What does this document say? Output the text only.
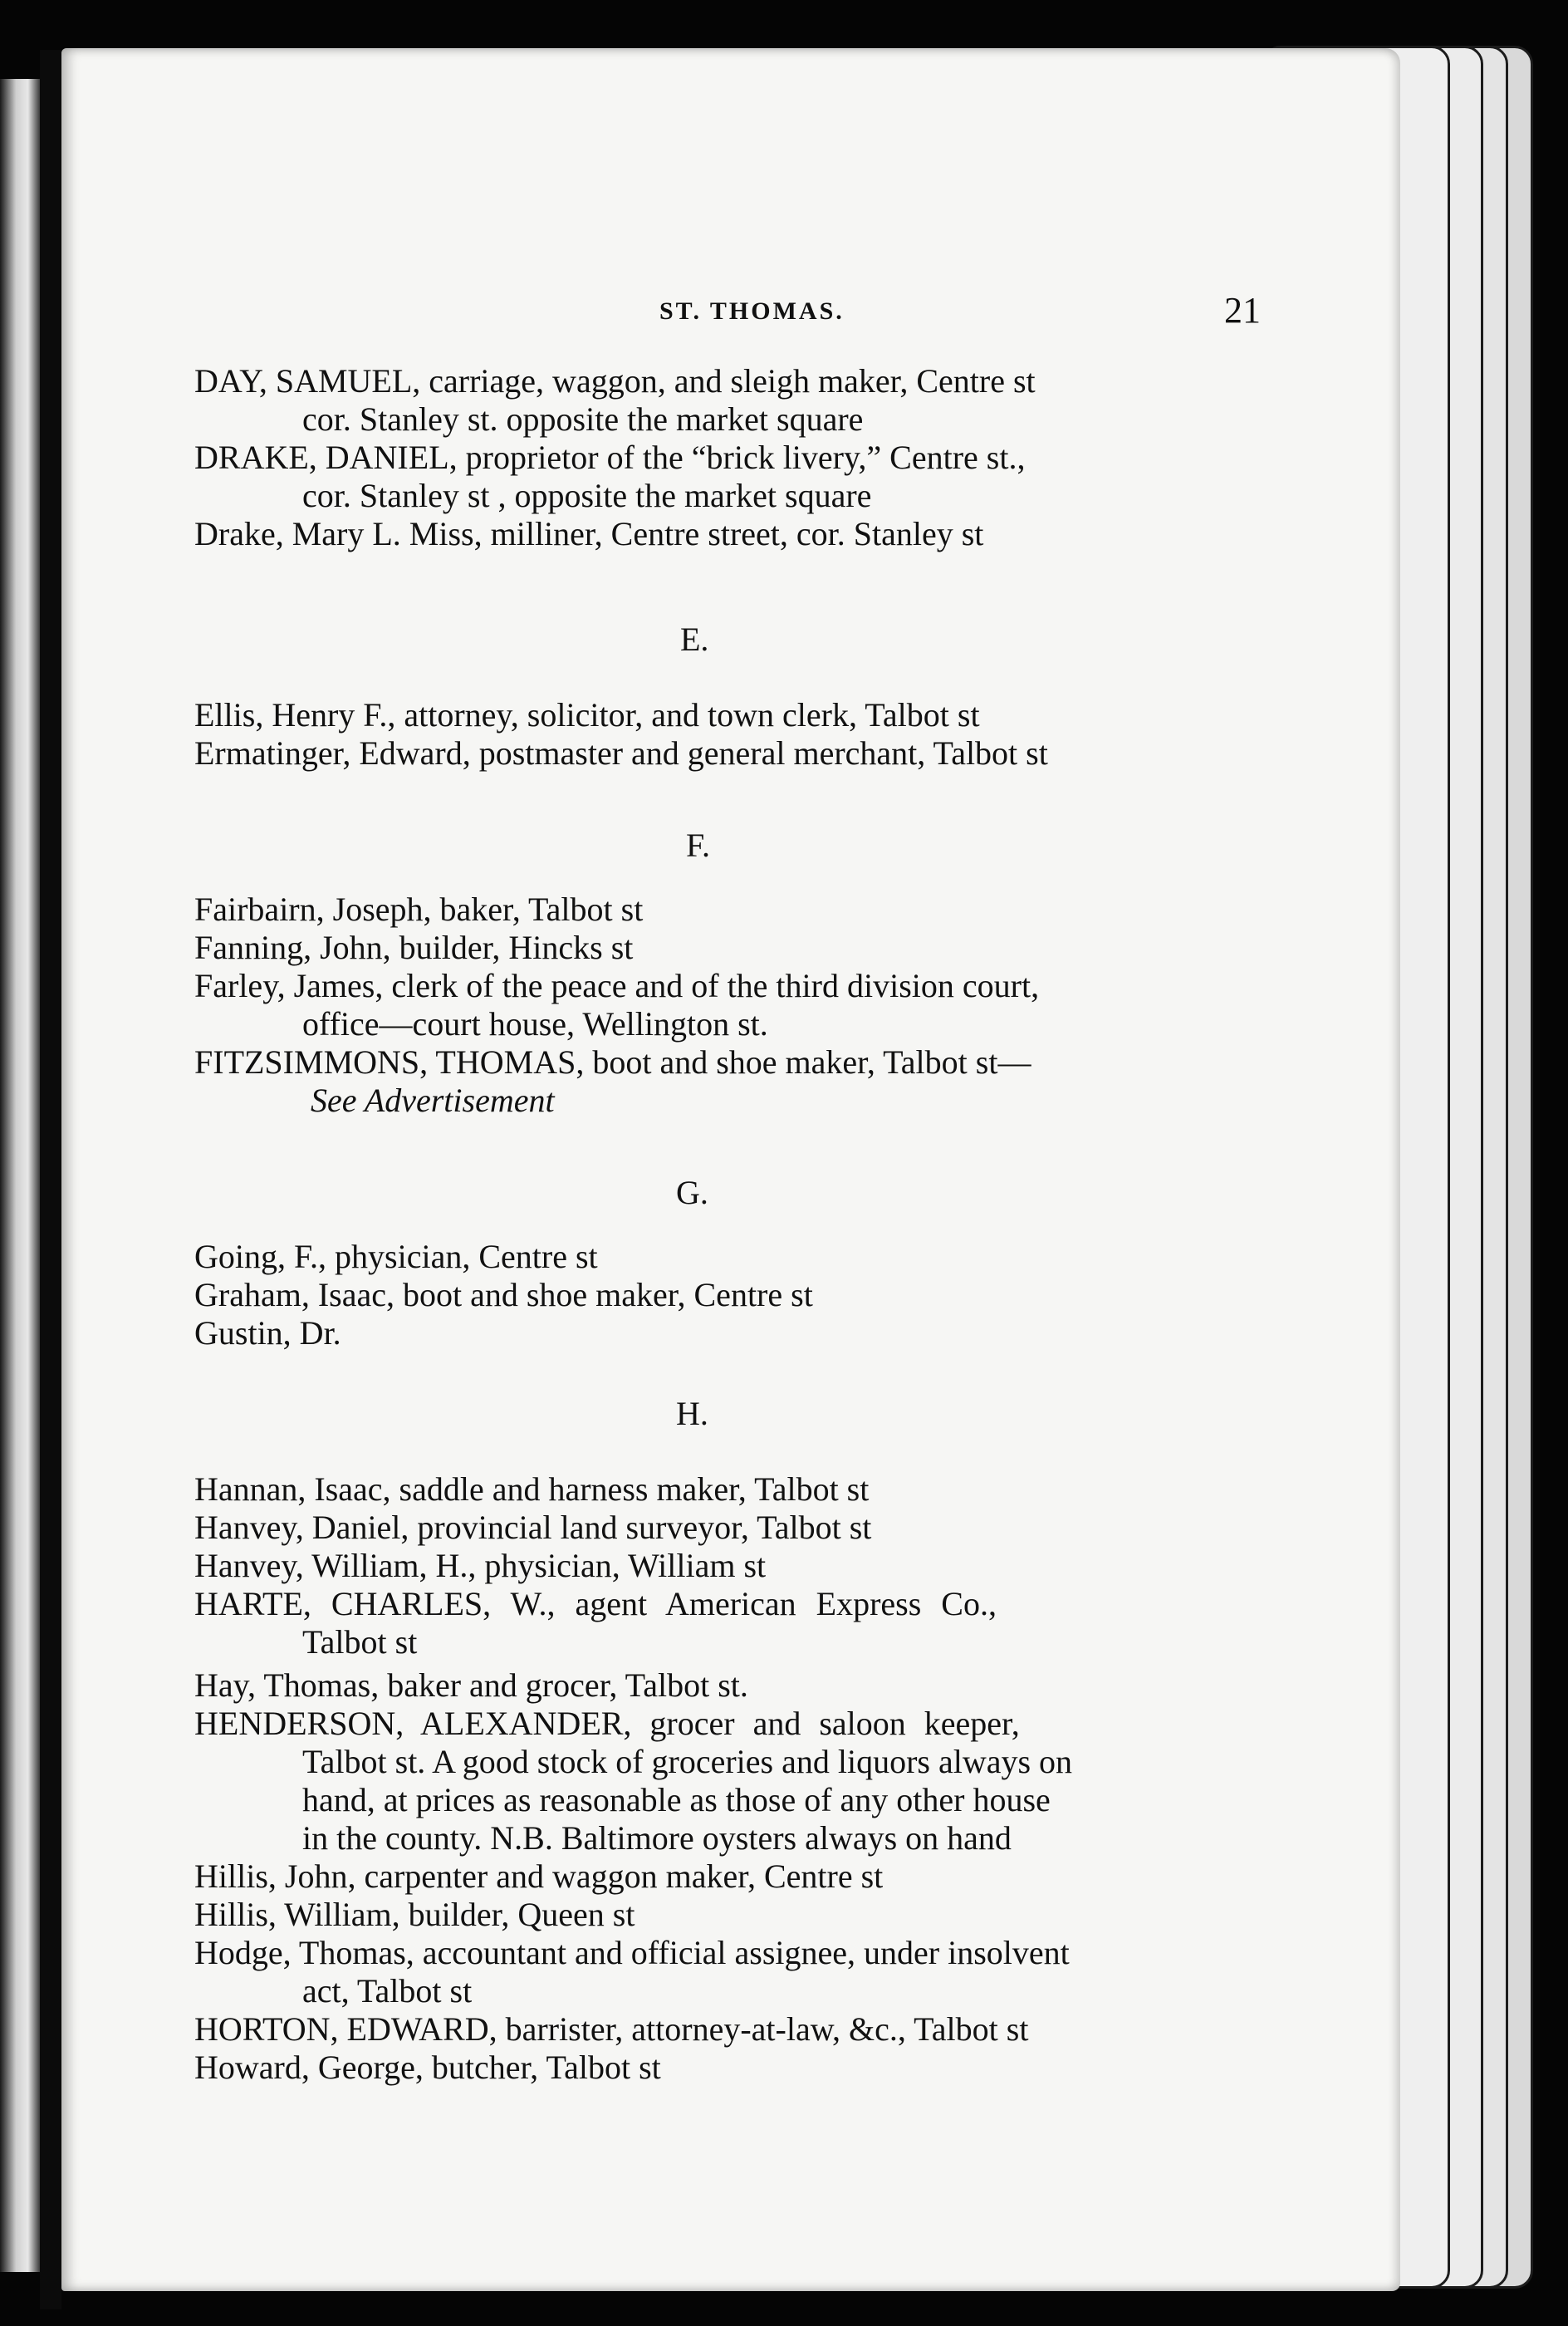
ST. THOMAS.	21
DAY, SAMUEL, carriage, waggon, and sleigh maker, Centre st
cor. Stanley st. opposite the market square
DRAKE, DANIEL, proprietor of the “brick livery,” Centre st.,
cor. Stanley st , opposite the market square
Drake, Mary L. Miss, milliner, Centre street, cor. Stanley st
E.
Ellis, Henry F., attorney, solicitor, and town clerk, Talbot st
Ermatinger, Edward, postmaster and general merchant, Talbot st
F.
Fairbairn, Joseph, baker, Talbot st
Fanning, John, builder, Hincks st
Farley, James, clerk of the peace and of the third division court,
office—court house, Wellington st.
FITZSIMMONS, THOMAS, boot and shoe maker, Talbot st—
See Advertisement
G.
Going, F., physician, Centre st
Graham, Isaac, boot and shoe maker, Centre st
Gustin, Dr.
H.
Hannan, Isaac, saddle and harness maker, Talbot st
Hanvey, Daniel, provincial land surveyor, Talbot st
Hanvey, William, H., physician, William st
HARTE, CHARLES, W., agent American Express Co.,
Talbot st
Hay, Thomas, baker and grocer, Talbot st.
HENDERSON, ALEXANDER, grocer and saloon keeper,
Talbot st. A good stock of groceries and liquors always on
hand, at prices as reasonable as those of any other house
in the county. N.B. Baltimore oysters always on hand
Hillis, John, carpenter and waggon maker, Centre st
Hillis, William, builder, Queen st
Hodge, Thomas, accountant and official assignee, under insolvent
act, Talbot st
HORTON, EDWARD, barrister, attorney-at-law, &c., Talbot st
Howard, George, butcher, Talbot st
